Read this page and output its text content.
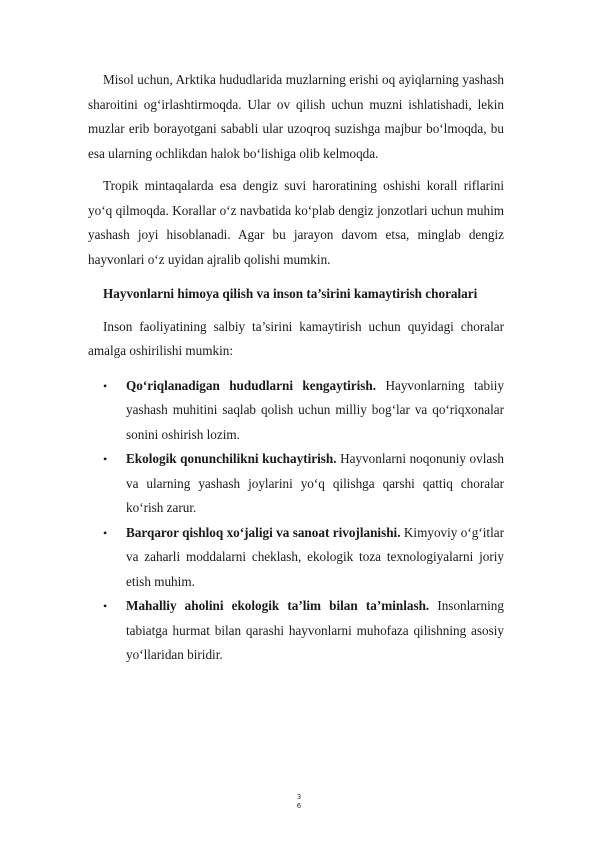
Misol uchun, Arktika hududlarida muzlarning erishi oq ayiqlarning yashash sharoitini og‘irlashtirmoqda. Ular ov qilish uchun muzni ishlatishadi, lekin muzlar erib borayotgani sababli ular uzoqroq suzishga majbur bo‘lmoqda, bu esa ularning ochlikdan halok bo‘lishiga olib kelmoqda.

Tropik mintaqalarda esa dengiz suvi haroratining oshishi korall riflarini yo‘q qilmoqda. Korallar o‘z navbatida ko‘plab dengiz jonzotlari uchun muhim yashash joyi hisoblanadi. Agar bu jarayon davom etsa, minglab dengiz hayvonlari o‘z uyidan ajralib qolishi mumkin.

Hayvonlarni himoya qilish va inson ta’sirini kamaytirish choralari

Inson faoliyatining salbiy ta’sirini kamaytirish uchun quyidagi choralar amalga oshirilishi mumkin:

• Qo‘riqlanadigan hududlarni kengaytirish. Hayvonlarning tabiiy yashash muhitini saqlab qolish uchun milliy bog‘lar va qo‘riqxonalar sonini oshirish lozim.
• Ekologik qonunchilikni kuchaytirish. Hayvonlarni noqonuniy ovlash va ularning yashash joylarini yo‘q qilishga qarshi qattiq choralar ko‘rish zarur.
• Barqaror qishloq xo‘jaligi va sanoat rivojlanishi. Kimyoviy o‘g‘itlar va zaharli moddalarni cheklash, ekologik toza texnologiyalarni joriy etish muhim.
• Mahalliy aholini ekologik ta’lim bilan ta’minlash. Insonlarning tabiatga hurmat bilan qarashi hayvonlarni muhofaza qilishning asosiy yo‘llaridan biridir.
3
6
